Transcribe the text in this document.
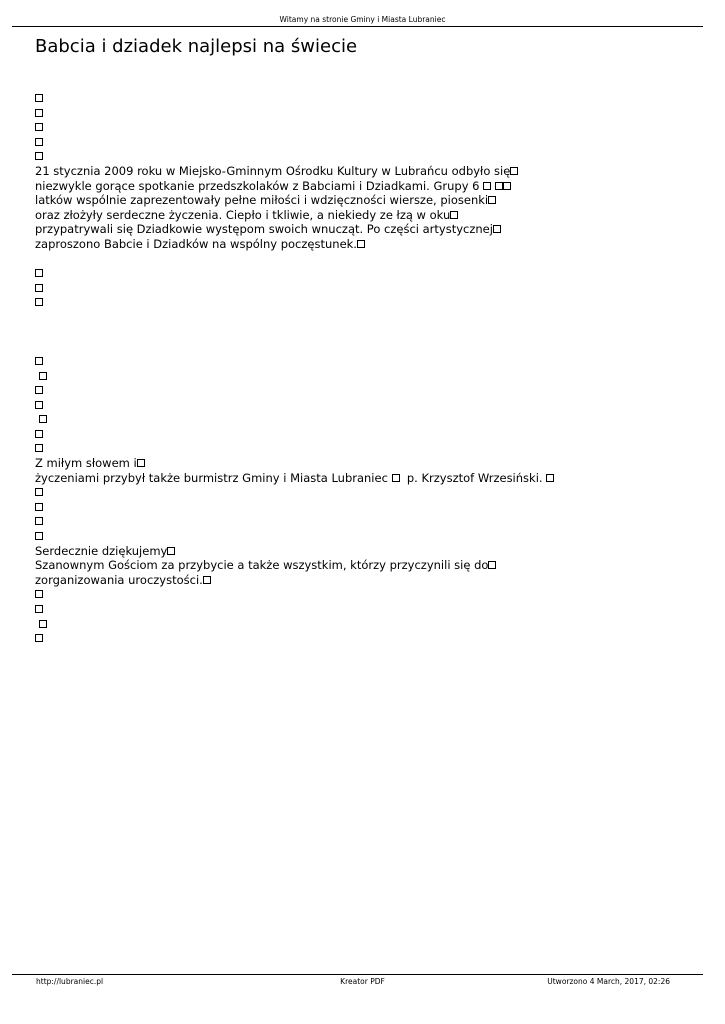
Witamy na stronie Gminy i Miasta Lubraniec
Babcia i dziadek najlepsi na świecie
21 stycznia 2009 roku w Miejsko-Gminnym Ośrodku Kultury w Lubrańcu odbyło się
niezwykle gorące spotkanie przedszkolaków z Babciami i Dziadkami. Grupy 6
latków wspólnie zaprezentowały pełne miłości i wdzięczności wiersze, piosenki
oraz złożyły serdeczne życzenia. Ciepło i tkliwie, a niekiedy ze łzą w oku
przypatrywali się Dziadkowie występom swoich wnucząt. Po części artystycznej
zaproszono Babcie i Dziadków na wspólny poczęstunek.

Z miłym słowem i
życzeniami przybył także burmistrz Gminy i Miasta Lubraniec   p. Krzysztof Wrzesiński.
Serdecznie dziękujemy
Szanownym Gościom za przybycie a także wszystkim, którzy przyczynili się do
zorganizowania uroczystości.

http://lubraniec.pl	Kreator PDF	Utworzono 4 March, 2017, 02:26
